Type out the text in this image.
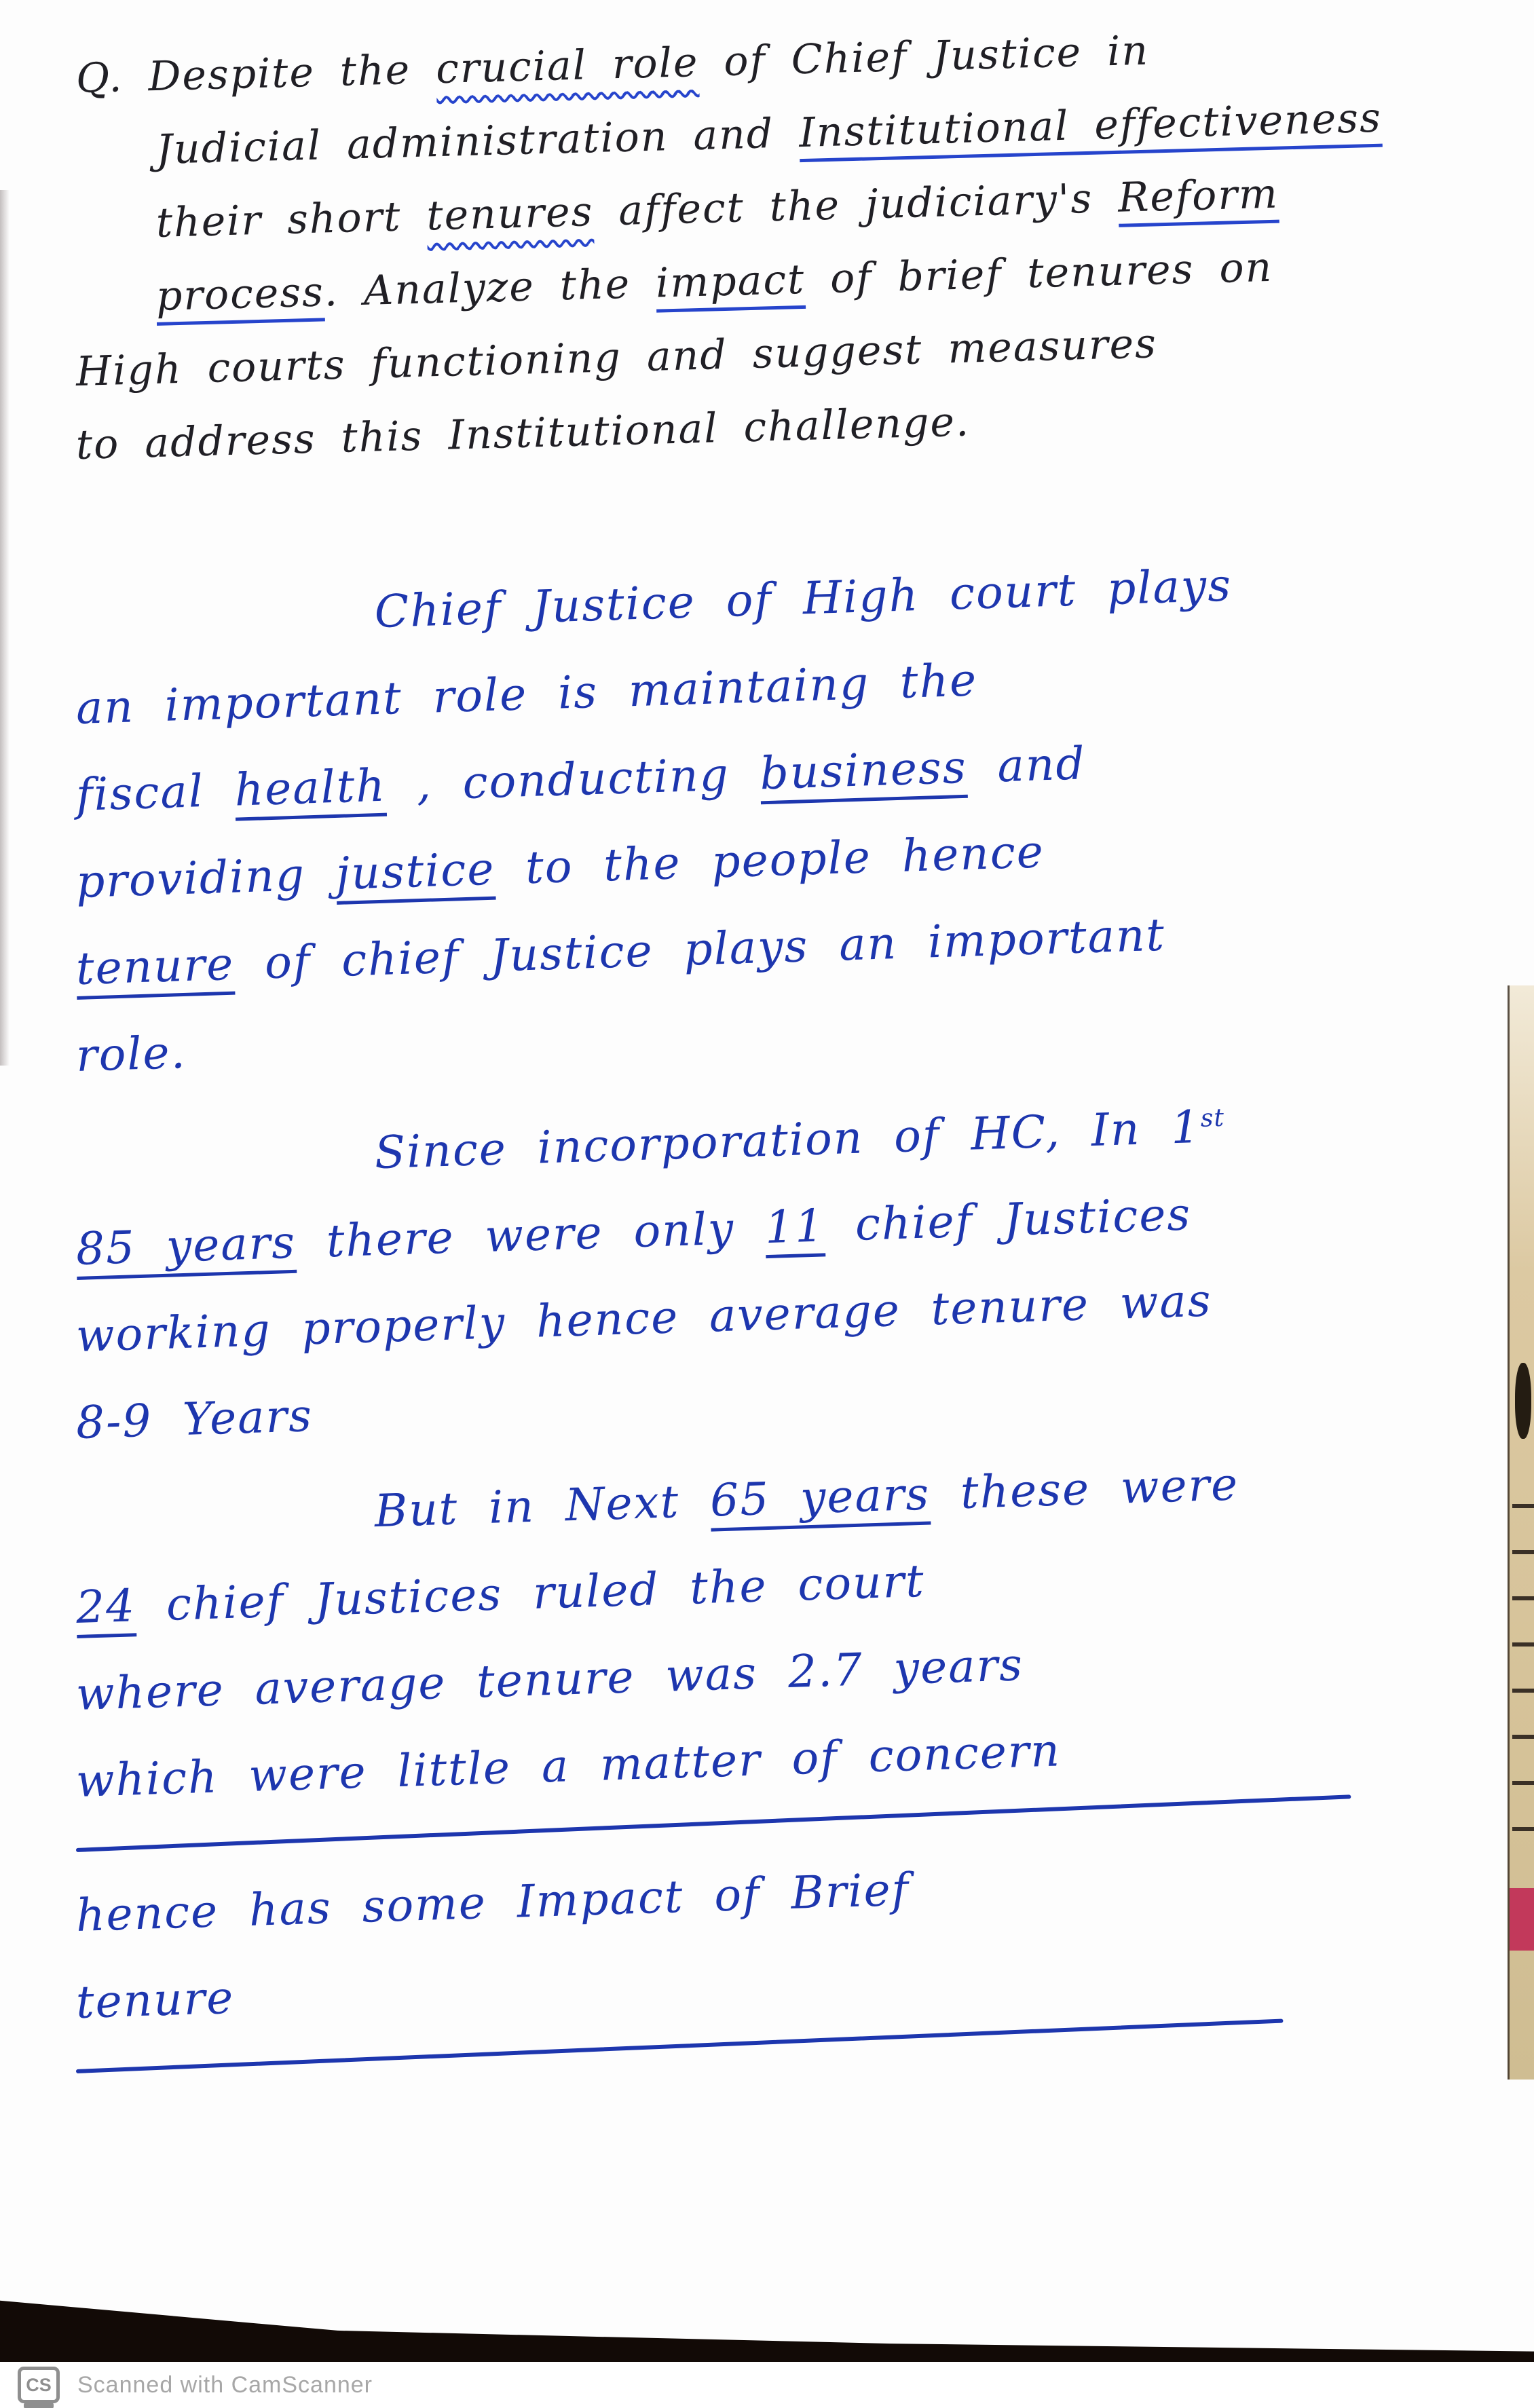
Q. Despite the crucial role of Chief Justice in
Judicial administration and Institutional effectiveness
their short tenures affect the judiciary's Reform
process. Analyze the impact of brief tenures on
High courts functioning and suggest measures
to address this Institutional challenge.
Chief Justice of High court plays
an important role is maintaing the
fiscal health , conducting business and
providing justice to the people hence
tenure of chief Justice plays an important
role.
Since incorporation of HC, In 1st
85 years there were only 11 chief Justices
working properly hence average tenure was
8-9 Years
But in Next 65 years these were
24 chief Justices ruled the court
where average tenure was 2.7 years
which were little a matter of concern
hence has some Impact of Brief
tenure
CS	Scanned with CamScanner
